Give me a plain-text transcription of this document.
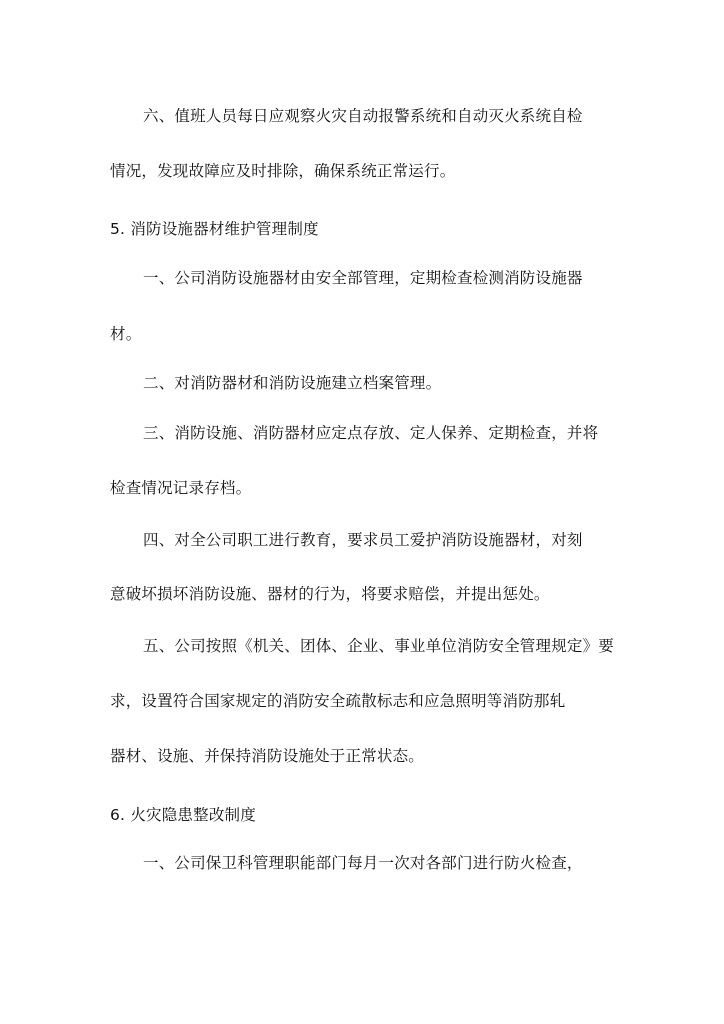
六、值班人员每日应观察火灾自动报警系统和自动灭火系统自检
情况，发现故障应及时排除，确保系统正常运行。
5. 消防设施器材维护管理制度
一、公司消防设施器材由安全部管理，定期检查检测消防设施器
材。
二、对消防器材和消防设施建立档案管理。
三、消防设施、消防器材应定点存放、定人保养、定期检查，并将
检查情况记录存档。
四、对全公司职工进行教育，要求员工爱护消防设施器材，对刻
意破坏损坏消防设施、器材的行为，将要求赔偿，并提出惩处。
五、公司按照《机关、团体、企业、事业单位消防安全管理规定》要
求，设置符合国家规定的消防安全疏散标志和应急照明等消防那轧
器材、设施、并保持消防设施处于正常状态。
6. 火灾隐患整改制度
一、公司保卫科管理职能部门每月一次对各部门进行防火检查，
